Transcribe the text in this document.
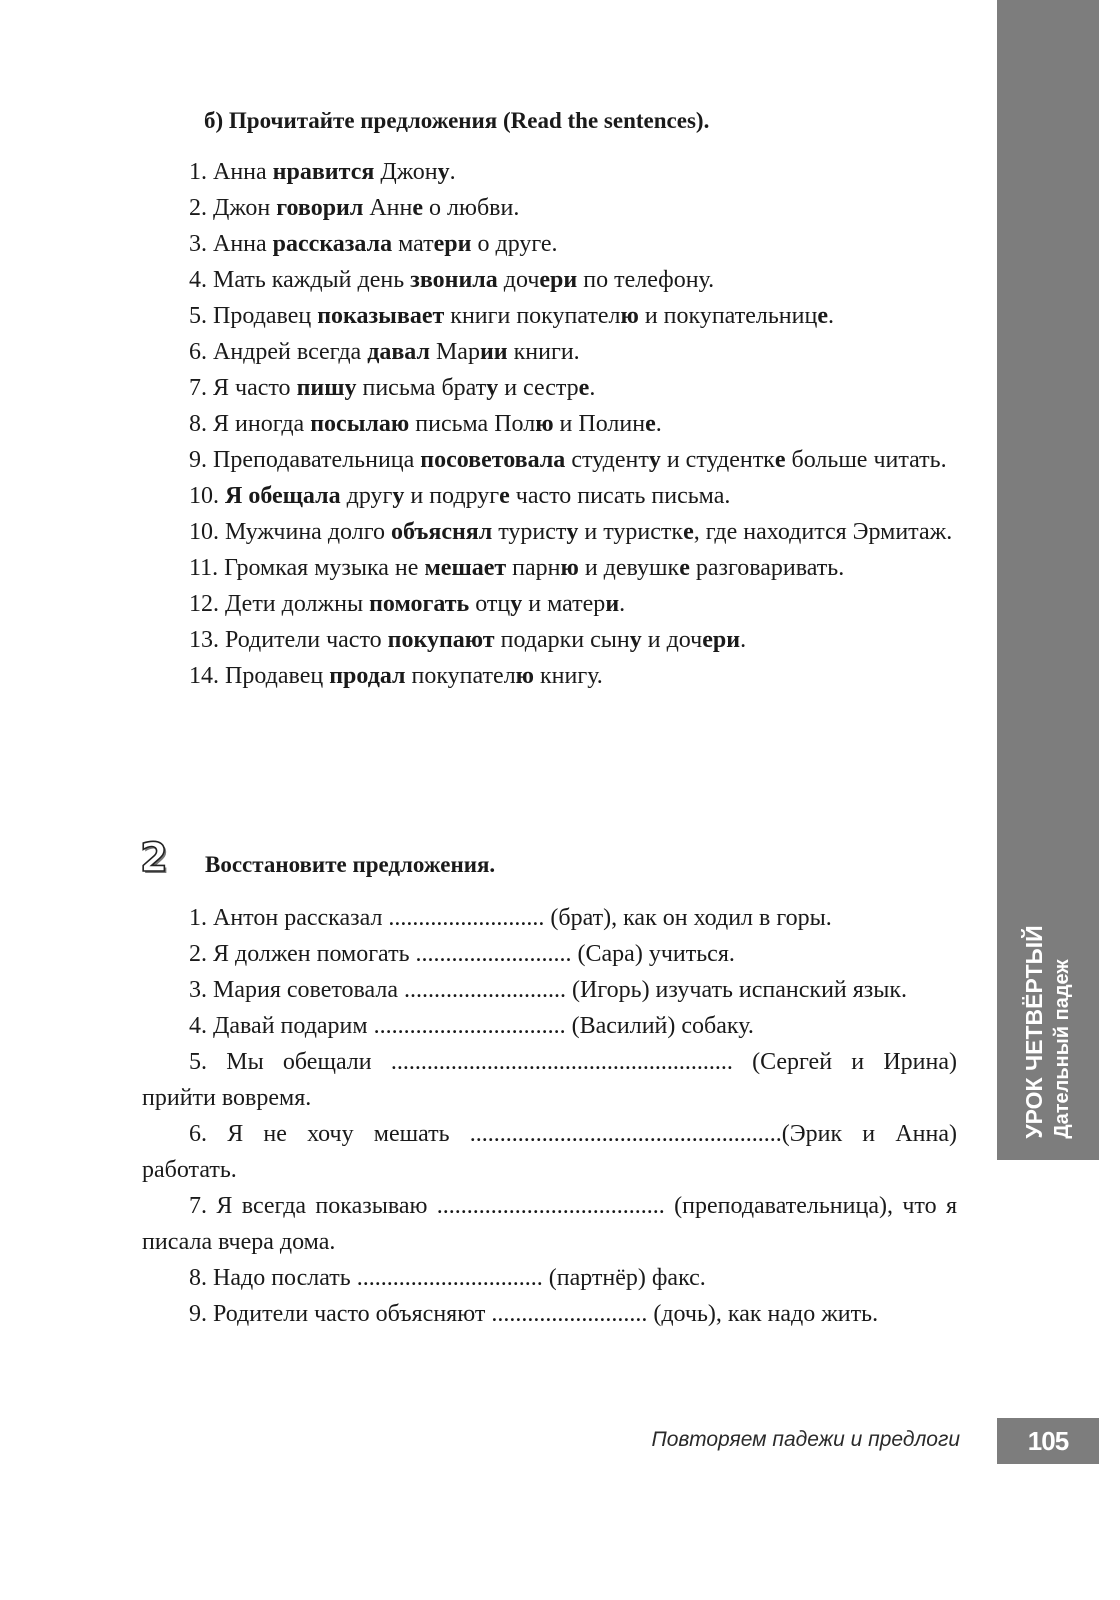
УРОК ЧЕТВЁРТЫЙ Дательный падеж
б) Прочитайте предложения (Read the sentences).

1. Анна нравится Джону.

2. Джон говорил Анне о любви.

3. Анна рассказала матери о друге.

4. Мать каждый день звонила дочери по телефону.

5. Продавец показывает книги покупателю и покупательнице.

6. Андрей всегда давал Марии книги.

7. Я часто пишу письма брату и сестре.

8. Я иногда посылаю письма Полю и Полине.

9. Преподавательница посоветовала студенту и студентке больше читать.

10. Я обещала другу и подруге часто писать письма.

10. Мужчина долго объяснял туристу и туристке, где находится Эрмитаж.

11. Громкая музыка не мешает парню и девушке разговаривать.

12. Дети должны помогать отцу и матери.

13. Родители часто покупают подарки сыну и дочери.

14. Продавец продал покупателю книгу.

2 Восстановите предложения.

1. Антон рассказал .......................... (брат), как он ходил в горы.

2. Я должен помогать .......................... (Сара) учиться.

3. Мария советовала ........................... (Игорь) изучать испанский язык.

4. Давай подарим ................................ (Василий) собаку.

5. Мы обещали ......................................................... (Сергей и Ирина) прийти вовремя.

6. Я не хочу мешать ....................................................(Эрик и Анна) работать.

7. Я всегда показываю ...................................... (преподавательница), что я писала вчера дома.

8. Надо послать ............................... (партнёр) факс.

9. Родители часто объясняют .......................... (дочь), как надо жить.

Повторяем падежи и предлоги	105
